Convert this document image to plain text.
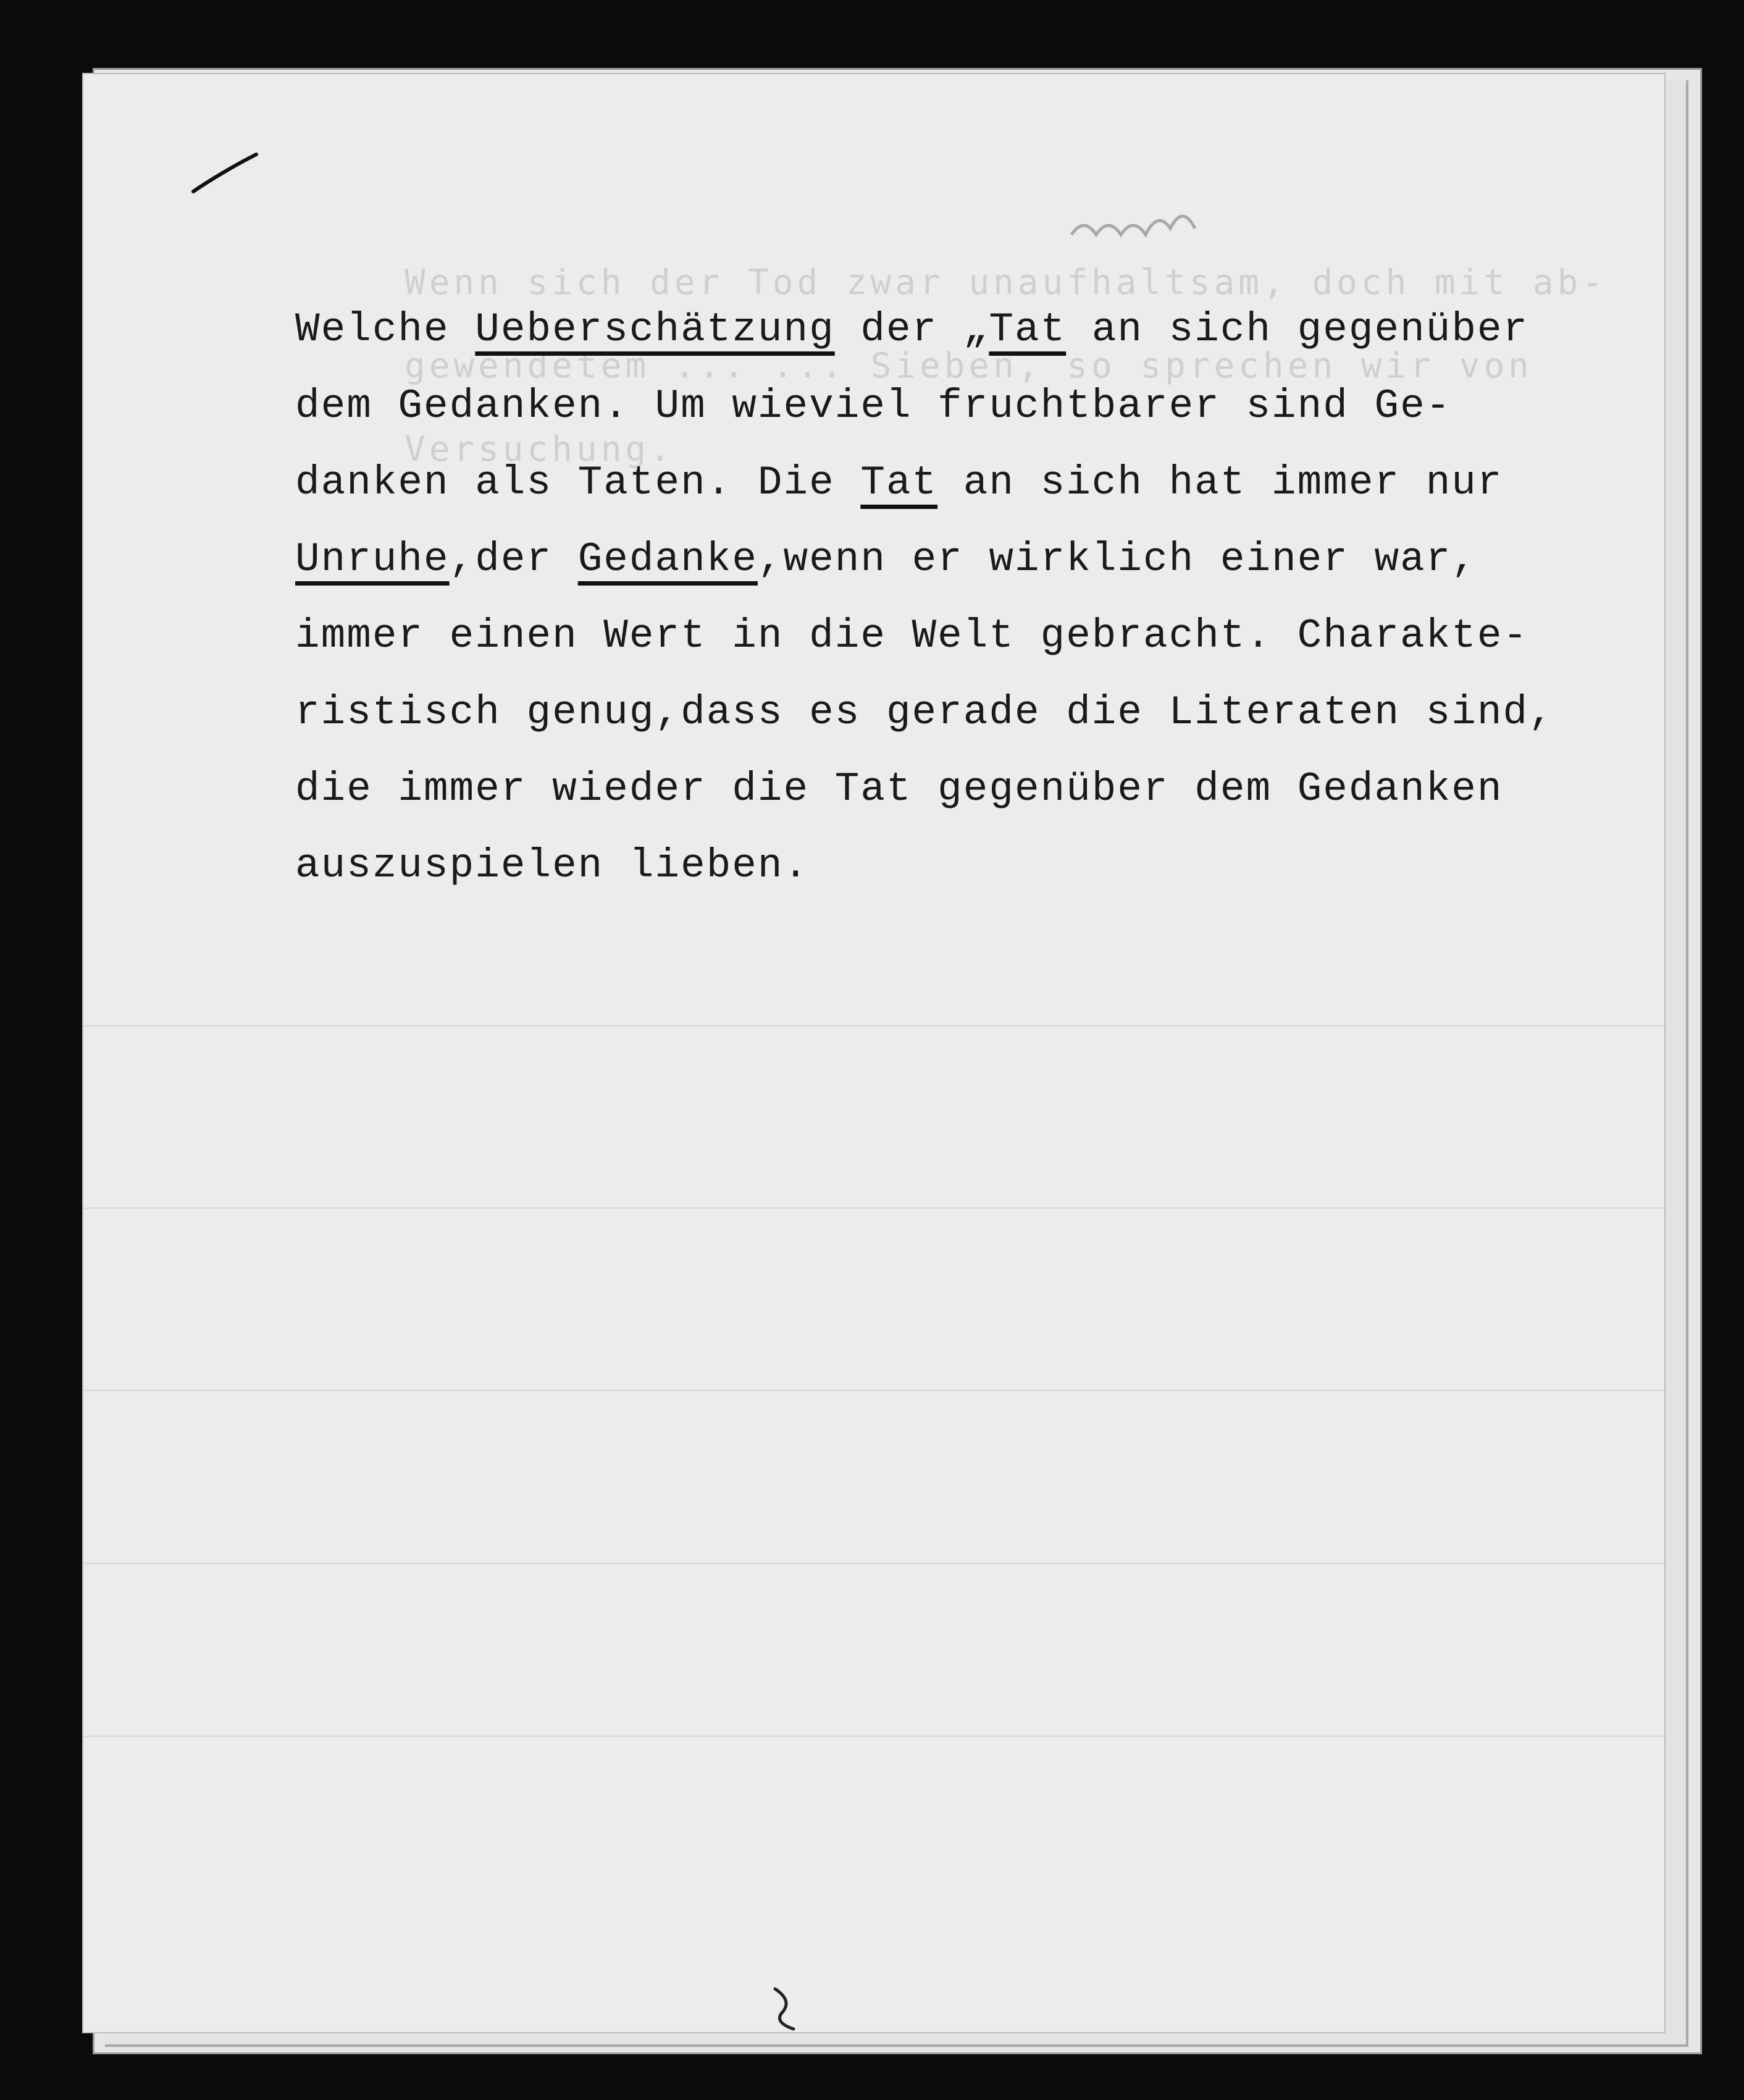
Wenn sich der Tod zwar unaufhaltsam, doch mit ab-
gewendetem ... ... Sieben, so sprechen wir von
Versuchung.
Welche Ueberschätzung der „Tat an sich gegenüber
dem Gedanken. Um wieviel fruchtbarer sind Ge-
danken als Taten. Die Tat an sich hat immer nur
Unruhe,der Gedanke,wenn er wirklich einer war,
immer einen Wert in die Welt gebracht. Charakte-
ristisch genug,dass es gerade die Literaten sind,
die immer wieder die Tat gegenüber dem Gedanken
auszuspielen lieben.
